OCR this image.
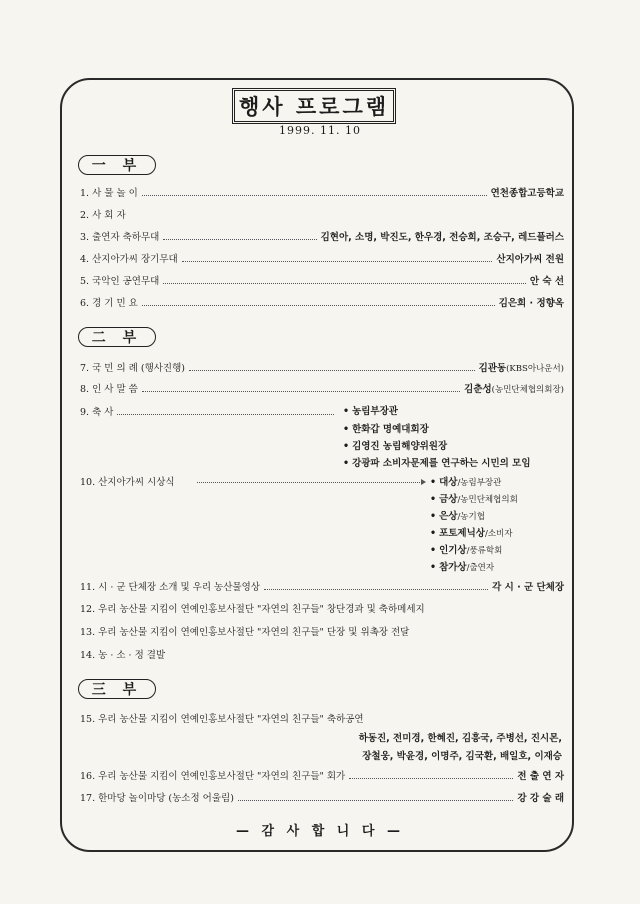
행사 프로그램
1999. 11. 10
一 부
1. 사 물 놀 이	연천종합고등학교
2. 사 회 자
3. 출연자 축하무대	김현아, 소명, 박진도, 한우경, 전승희, 조승구, 레드플러스
4. 산지아가씨 장기무대	산지아가씨 전원
5. 국악인 공연무대	안 숙 선
6. 경 기 민 요	김은희 · 정향옥
二 부
7. 국 민 의 례 (행사진행)	김관동(KBS아나운서)
8. 인 사 말 씀	김춘성(농민단체협의회장)
9. 축 사	• 농림부장관
• 한화갑 명예대회장
• 김영진 농림해양위원장
• 강광파 소비자문제를 연구하는 시민의 모임
10. 산지아가씨 시상식	• 대상/농림부장관
• 금상/농민단체협의회
• 은상/농기협
• 포토제닉상/소비자
• 인기상/풍류학회
• 참가상/출연자
11. 시 · 군 단체장 소개 및 우리 농산물영상	각 시 · 군 단체장
12. 우리 농산물 지킴이 연예인홍보사절단 "자연의 친구들" 창단경과 및 축하메세지
13. 우리 농산물 지킴이 연예인홍보사절단 "자연의 친구들" 단장 및 위촉장 전달
14. 농 · 소 · 정 결발
三 부
15. 우리 농산물 지킴이 연예인홍보사절단 "자연의 친구들" 축하공연
하동진, 전미경, 한혜진, 김흥국, 주병선, 진시몬,
장철웅, 박윤경, 이명주, 김국환, 배일호, 이재승
16. 우리 농산물 지킴이 연예인홍보사절단 "자연의 친구들" 회가	전 출 연 자
17. 한마당 놀이마당 (농소정 어울림)	강 강 술 래
— 감 사 합 니 다 —
